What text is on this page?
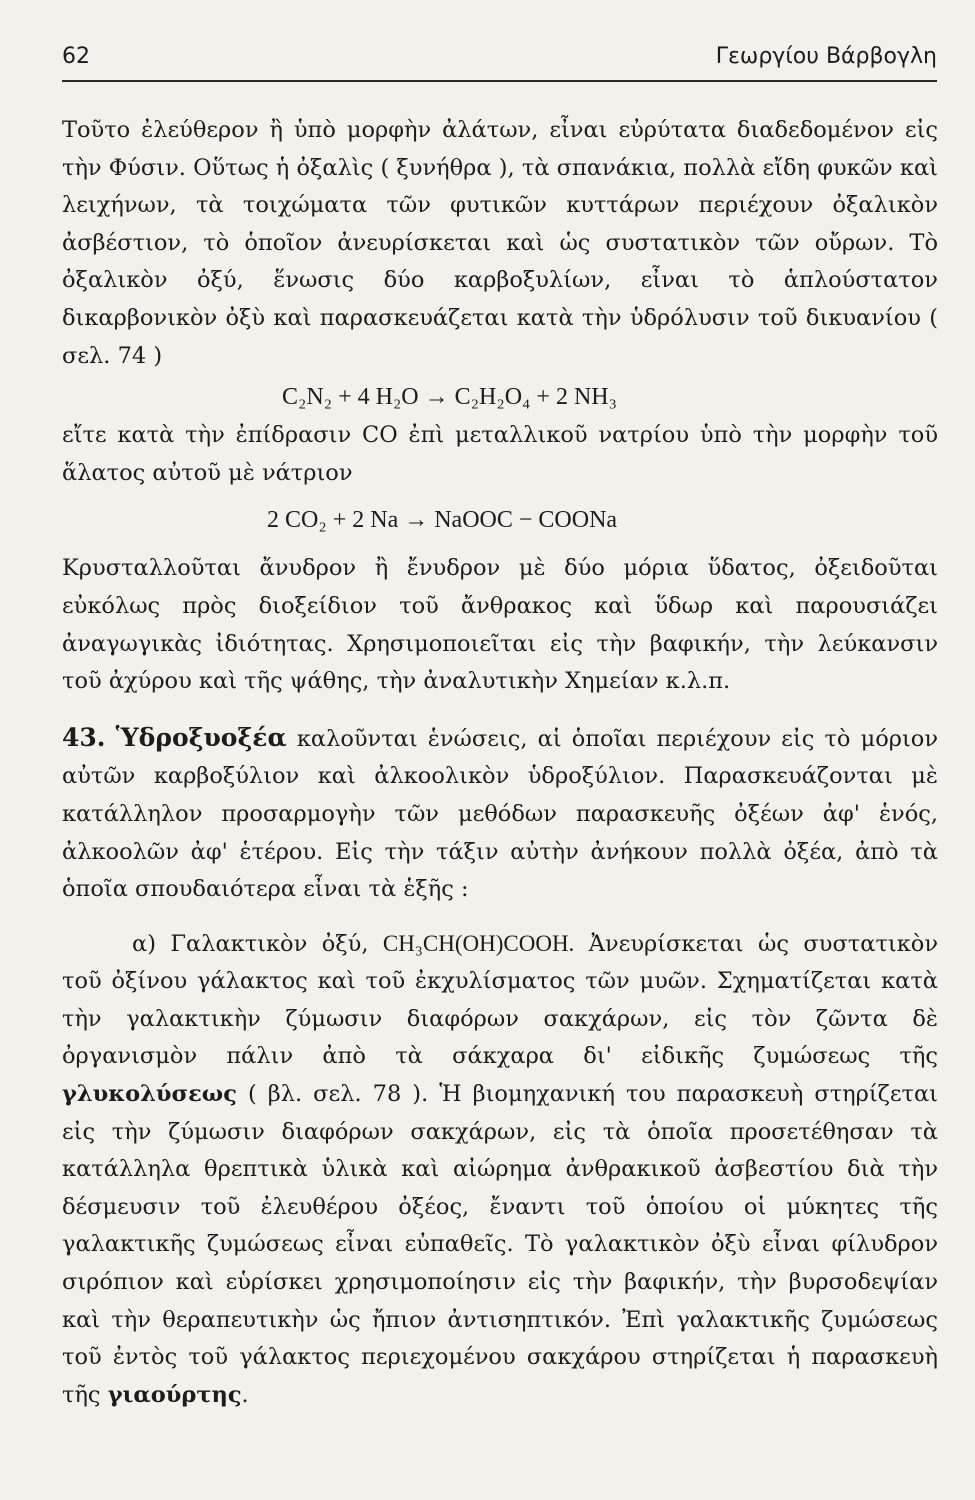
62	Γεωργίου Βάρβογλη

Τοῦτο ἐλεύθερον ἢ ὑπὸ μορφὴν ἀλάτων, εἶναι εὐρύτατα διαδεδομένον εἰς τὴν Φύσιν. Οὕτως ἡ ὀξαλὶς ( ξυνήθρα ), τὰ σπανάκια, πολλὰ εἴδη φυκῶν καὶ λειχήνων, τὰ τοιχώματα τῶν φυτικῶν κυττάρων περιέχουν ὀξαλικὸν ἀσβέστιον, τὸ ὁποῖον ἀνευρίσκεται καὶ ὡς συστατικὸν τῶν οὔρων. Τὸ ὀξαλικὸν ὀξύ, ἕνωσις δύο καρβοξυλίων, εἶναι τὸ ἁπλούστατον δικαρβονικὸν ὀξὺ καὶ παρασκευάζεται κατὰ τὴν ὑδρόλυσιν τοῦ δικυανίου ( σελ. 74 )

C₂N₂ + 4 H₂O → C₂H₂O₄ + 2 NH₃

εἴτε κατὰ τὴν ἐπίδρασιν CO ἐπὶ μεταλλικοῦ νατρίου ὑπὸ τὴν μορφὴν τοῦ ἅλατος αὐτοῦ μὲ νάτριον

2 CO₂ + 2 Na → NaOOC − COONa

Κρυσταλλοῦται ἄνυδρον ἢ ἔνυδρον μὲ δύο μόρια ὕδατος, ὀξειδοῦται εὐκόλως πρὸς διοξείδιον τοῦ ἄνθρακος καὶ ὕδωρ καὶ παρουσιάζει ἀναγωγικὰς ἰδιότητας. Χρησιμοποιεῖται εἰς τὴν βαφικήν, τὴν λεύκανσιν τοῦ ἀχύρου καὶ τῆς ψάθης, τὴν ἀναλυτικὴν Χημείαν κ.λ.π.

43. Ὑδροξυοξέα καλοῦνται ἑνώσεις, αἱ ὁποῖαι περιέχουν εἰς τὸ μόριον αὐτῶν καρβοξύλιον καὶ ἀλκοολικὸν ὑδροξύλιον. Παρασκευάζονται μὲ κατάλληλον προσαρμογὴν τῶν μεθόδων παρασκευῆς ὀξέων ἀφ' ἑνός, ἀλκοολῶν ἀφ' ἑτέρου. Εἰς τὴν τάξιν αὐτὴν ἀνήκουν πολλὰ ὀξέα, ἀπὸ τὰ ὁποῖα σπουδαιότερα εἶναι τὰ ἑξῆς :

α) Γαλακτικὸν ὀξύ, CH₃CH(OH)COOH. Ἀνευρίσκεται ὡς συστατικὸν τοῦ ὀξίνου γάλακτος καὶ τοῦ ἐκχυλίσματος τῶν μυῶν. Σχηματίζεται κατὰ τὴν γαλακτικὴν ζύμωσιν διαφόρων σακχάρων, εἰς τὸν ζῶντα δὲ ὀργανισμὸν πάλιν ἀπὸ τὰ σάκχαρα δι' εἰδικῆς ζυμώσεως τῆς γλυκολύσεως ( βλ. σελ. 78 ). Ἡ βιομηχανική του παρασκευὴ στηρίζεται εἰς τὴν ζύμωσιν διαφόρων σακχάρων, εἰς τὰ ὁποῖα προσετέθησαν τὰ κατάλληλα θρεπτικὰ ὑλικὰ καὶ αἰώρημα ἀνθρακικοῦ ἀσβεστίου διὰ τὴν δέσμευσιν τοῦ ἐλευθέρου ὀξέος, ἔναντι τοῦ ὁποίου οἱ μύκητες τῆς γαλακτικῆς ζυμώσεως εἶναι εὐπαθεῖς. Τὸ γαλακτικὸν ὀξὺ εἶναι φίλυδρον σιρόπιον καὶ εὑρίσκει χρησιμοποίησιν εἰς τὴν βαφικήν, τὴν βυρσοδεψίαν καὶ τὴν θεραπευτικὴν ὡς ἤπιον ἀντισηπτικόν. Ἐπὶ γαλακτικῆς ζυμώσεως τοῦ ἐντὸς τοῦ γάλακτος περιεχομένου σακχάρου στηρίζεται ἡ παρασκευὴ τῆς γιαούρτης.
